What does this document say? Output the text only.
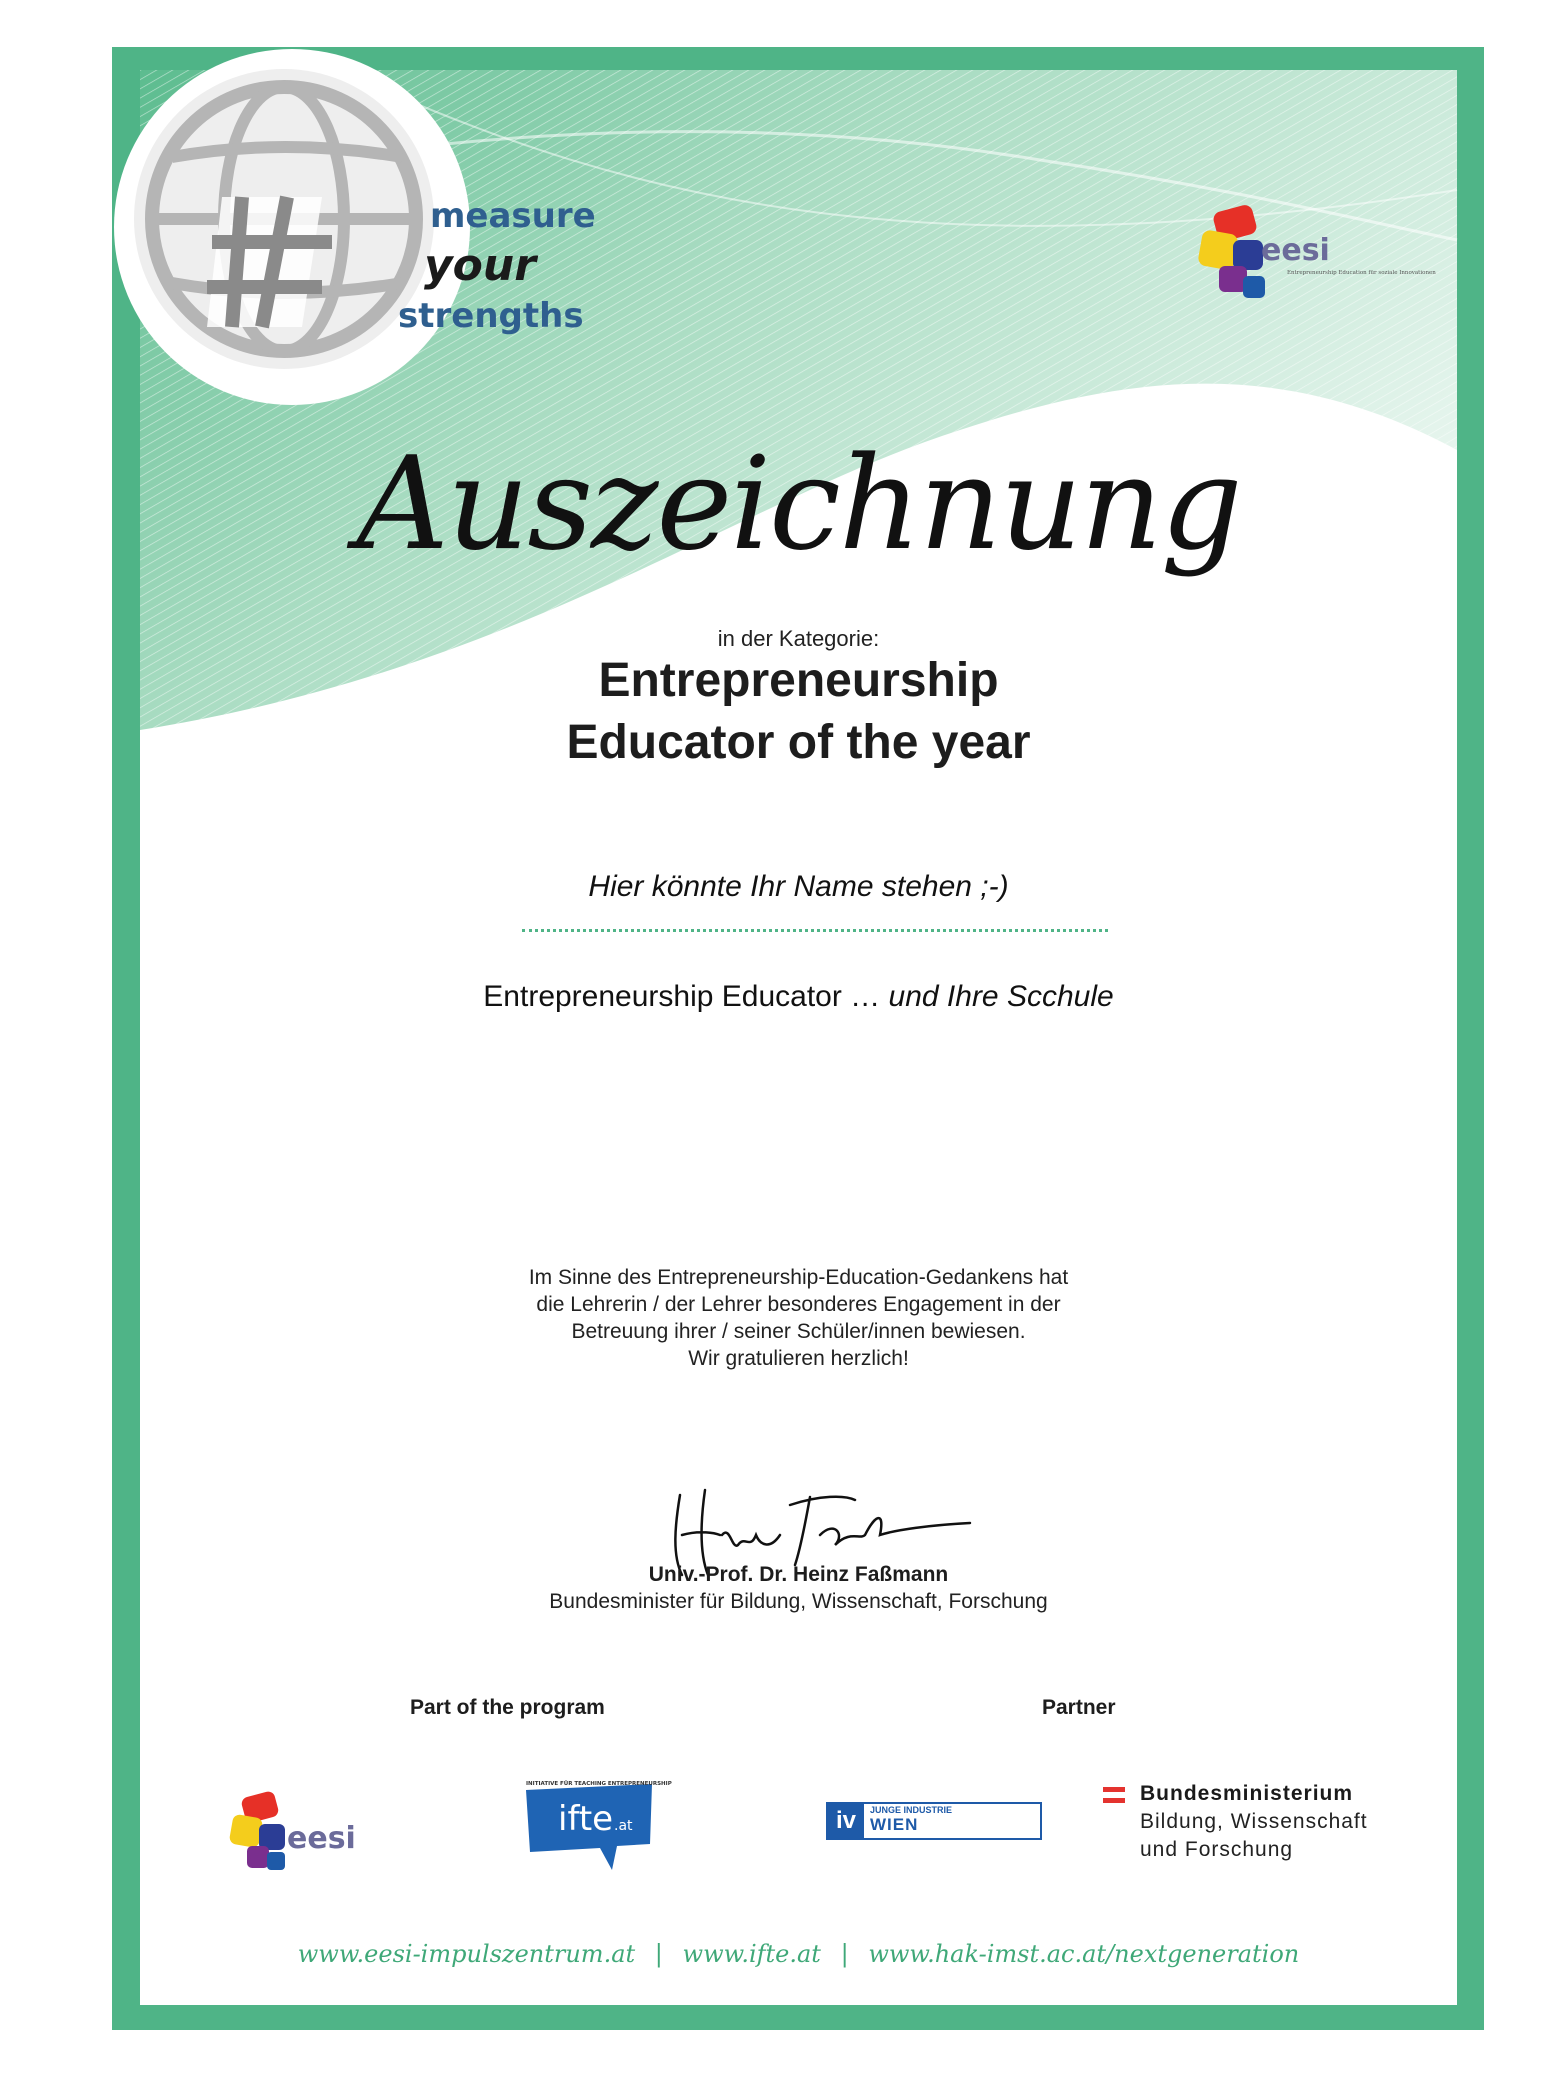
measure
your
strengths
eesi
Entrepreneurship Education für soziale Innovationen
Auszeichnung
in der Kategorie:
Entrepreneurship
Educator of the year
Hier könnte Ihr Name stehen ;-)
Entrepreneurship Educator … und Ihre Scchule
Im Sinne des Entrepreneurship-Education-Gedankens hat
die Lehrerin / der Lehrer besonderes Engagement in der
Betreuung ihrer / seiner Schüler/innen bewiesen.
Wir gratulieren herzlich!
Univ.-Prof. Dr. Heinz Faßmann
Bundesminister für Bildung, Wissenschaft, Forschung
Part of the program	Partner
eesi
INITIATIVE FÜR TEACHING ENTREPRENEURSHIP
ifte .at	iv	JUNGE INDUSTRIE
WIEN
Bundesministerium
Bildung, Wissenschaft
und Forschung
www.eesi-impulszentrum.at | www.ifte.at | www.hak-imst.ac.at/nextgeneration
